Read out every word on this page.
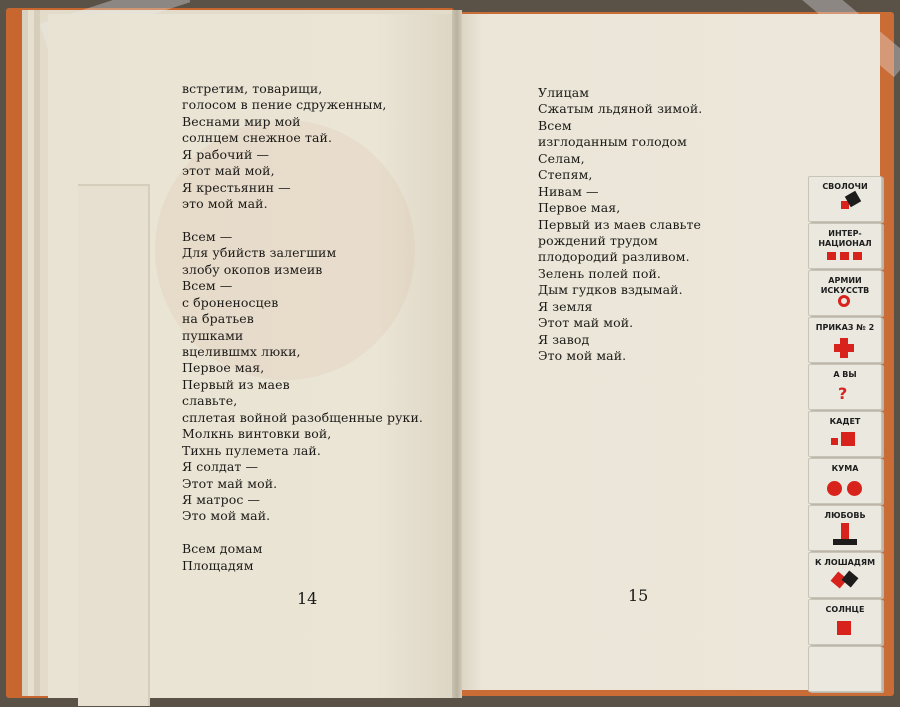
встретим, товарищи,
голосом в пение сдруженным,
Веснами мир мой
солнцем снежное тай.
Я рабочий —
этот май мой,
Я крестьянин —
это мой май.
Всем —
Для убийств залегшим
злобу окопов измеив
Всем —
с броненосцев
на братьев
пушками
вцелившмх люки,
Первое мая,
Первый из маев
славьте,
сплетая войной разобщенные руки.
Молкнь винтовки вой,
Тихнь пулемета лай.
Я солдат —
Этот май мой.
Я матрос —
Это мой май.
Всем домам
Площадям
14
Улицам
Сжатым льдяной зимой.
Всем
изглоданным голодом
Селам,
Степям,
Нивам —
Первое мая,
Первый из маев славьте
рождений трудом
плодородий разливом.
Зелень полей пой.
Дым гудков вздымай.
Я земля
Этот май мой.
Я завод
Это мой май.
15
СВОЛОЧИ
ИНТЕР-
НАЦИОНАЛ
АРМИИ
ИСКУССТВ
ПРИКАЗ № 2
А ВЫ
?
КАДЕТ
КУМА
ЛЮБОВЬ
К ЛОШАДЯМ
СОЛНЦЕ
